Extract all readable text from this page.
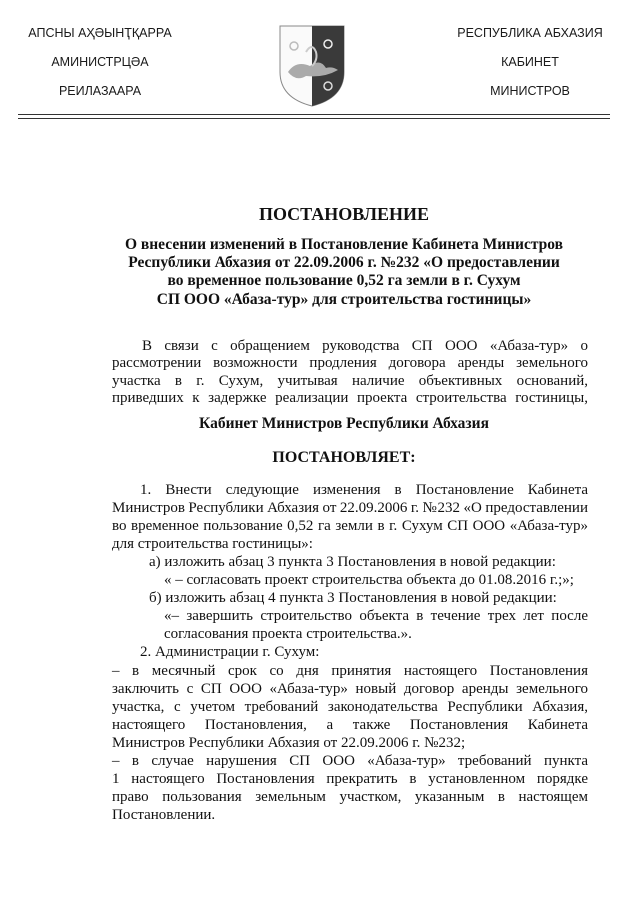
АПСНЫ АҲӘЫНҬҚАРРА
АМИНИСТРЦӘА
РЕИЛАЗААРА
РЕСПУБЛИКА АБХАЗИЯ
КАБИНЕТ
МИНИСТРОВ
ПОСТАНОВЛЕНИЕ
О внесении изменений в Постановление Кабинета Министров
Республики Абхазия от 22.09.2006 г. №232 «О предоставлении
во временное пользование 0,52 га земли в г. Сухум
СП ООО «Абаза-тур» для строительства гостиницы»
В связи с обращением руководства СП ООО «Абаза-тур» о
рассмотрении возможности продления договора аренды земельного
участка в г. Сухум, учитывая наличие объективных оснований,
приведших к задержке реализации проекта строительства гостиницы,
Кабинет Министров Республики Абхазия
ПОСТАНОВЛЯЕТ:
1. Внести следующие изменения в Постановление Кабинета
Министров Республики Абхазия от 22.09.2006 г. №232 «О предоставлении
во временное пользование 0,52 га земли в г. Сухум СП ООО «Абаза-тур»
для строительства гостиницы»:
а) изложить абзац 3 пункта 3 Постановления в новой редакции:
« – согласовать проект строительства объекта до 01.08.2016 г.;»;
б) изложить абзац 4 пункта 3 Постановления в новой редакции:
«– завершить строительство объекта в течение трех лет после
согласования проекта строительства.».
2. Администрации г. Сухум:
– в месячный срок со дня принятия настоящего Постановления
заключить с СП ООО «Абаза-тур» новый договор аренды земельного
участка, с учетом требований законодательства Республики Абхазия,
настоящего Постановления, а также Постановления Кабинета
Министров Республики Абхазия от 22.09.2006 г. №232;
– в случае нарушения СП ООО «Абаза-тур» требований пункта
1 настоящего Постановления прекратить в установленном порядке
право пользования земельным участком, указанным в настоящем
Постановлении.
